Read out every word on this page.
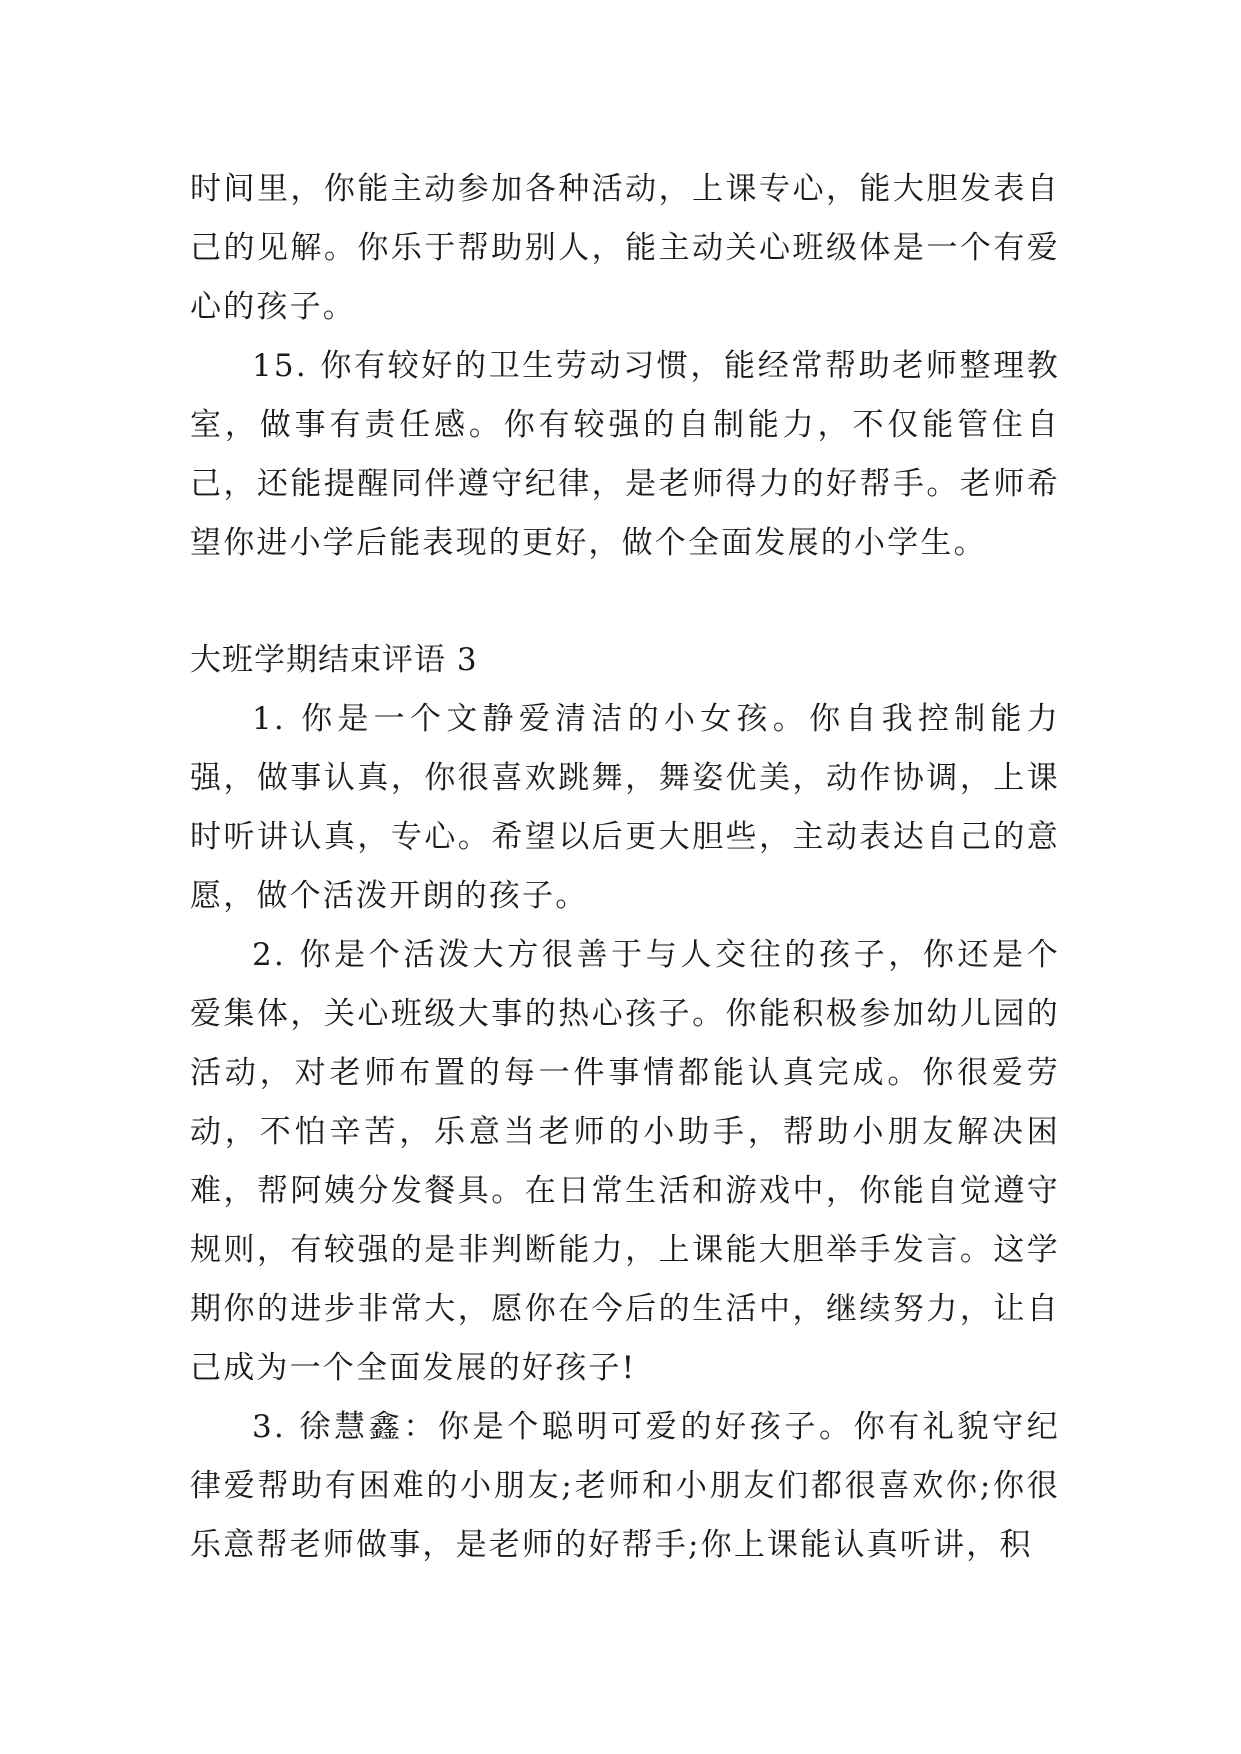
时间里，你能主动参加各种活动，上课专心，能大胆发表自己的见解。你乐于帮助别人，能主动关心班级体是一个有爱心的孩子。

15. 你有较好的卫生劳动习惯，能经常帮助老师整理教室，做事有责任感。你有较强的自制能力，不仅能管住自己，还能提醒同伴遵守纪律，是老师得力的好帮手。老师希望你进小学后能表现的更好，做个全面发展的小学生。

大班学期结束评语 3

1. 你是一个文静爱清洁的小女孩。你自我控制能力强，做事认真，你很喜欢跳舞，舞姿优美，动作协调，上课时听讲认真，专心。希望以后更大胆些，主动表达自己的意愿，做个活泼开朗的孩子。

2. 你是个活泼大方很善于与人交往的孩子，你还是个爱集体，关心班级大事的热心孩子。你能积极参加幼儿园的活动，对老师布置的每一件事情都能认真完成。你很爱劳动，不怕辛苦，乐意当老师的小助手，帮助小朋友解决困难，帮阿姨分发餐具。在日常生活和游戏中，你能自觉遵守规则，有较强的是非判断能力，上课能大胆举手发言。这学期你的进步非常大，愿你在今后的生活中，继续努力，让自己成为一个全面发展的好孩子!

3. 徐慧鑫：你是个聪明可爱的好孩子。你有礼貌守纪律爱帮助有困难的小朋友;老师和小朋友们都很喜欢你;你很乐意帮老师做事，是老师的好帮手;你上课能认真听讲，积
